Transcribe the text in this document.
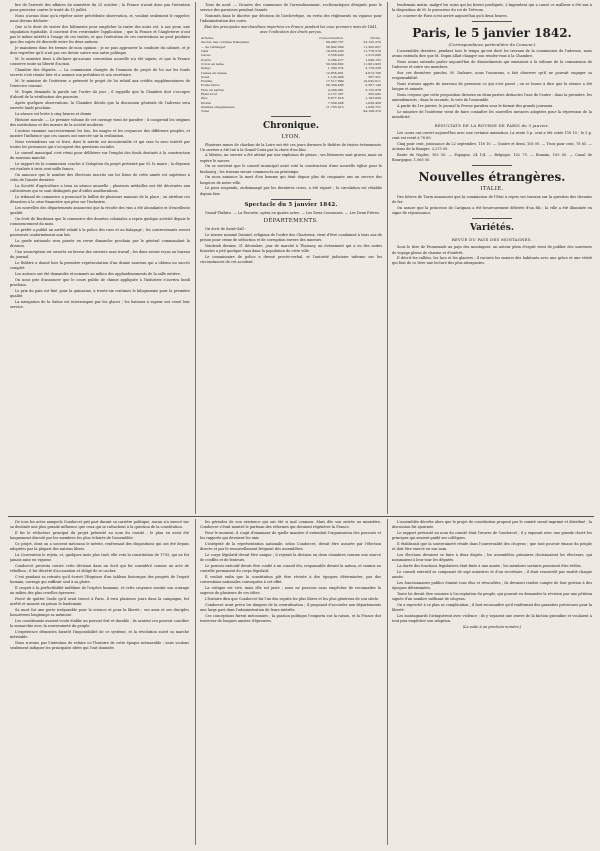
bre de l'arrivée des affaires du ministère du 25 octobre ; la France n'avait donc pas l'intention pour protester contre le traité du 15 juillet.

Nous n'avons donc qu'à répéter notre précédente observation, et, voulant seulement le rappeler, nous devons déclarer :

Que si le droit de visiter des bâtiments pour empêcher la traite des noirs est, à nos yeux, une stipulation équitable, il convient d'en restreindre l'application ; que la France et l'Angleterre n'ont pas le même intérêt à l'usage de ces traités, et que l'exécution de ces conventions ne peut produire que des sujets de discorde entre les deux nations.

Je maintiens donc les termes de mon opinion ; je ne puis approuver la conduite du cabinet, et je dois regretter qu'il n'ait pas cru devoir suivre une autre politique.

M. le ministre tient à déclarer qu'aucune convention nouvelle n'a été signée, et que la France conserve toute sa liberté d'action.

Chambre des députés. — La commission chargée de l'examen du projet de loi sur les fonds secrets s'est réunie hier et a nommé son président et son secrétaire.

M. le ministre de l'intérieur a présenté le projet de loi relatif aux crédits supplémentaires de l'exercice courant.

M. Dupin demande la parole sur l'ordre du jour ; il rappelle que la Chambre doit s'occuper d'abord de la vérification des pouvoirs.

Après quelques observations, la Chambre décide que la discussion générale de l'adresse sera ouverte lundi prochain.

La séance est levée à cinq heures et demie.

Histoire morale. — Le premier volume de cet ouvrage vient de paraître ; il comprend les origines des institutions et des mœurs de la société moderne.

L'auteur examine successivement les lois, les usages et les croyances des différents peuples, et montre l'influence que ces causes ont exercée sur la civilisation.

Nous reviendrons sur ce livre, dont le mérite est incontestable et qui sera lu avec intérêt par toutes les personnes qui s'occupent des questions sociales.

Le conseil municipal s'est réuni pour délibérer sur l'emploi des fonds destinés à la construction du nouveau marché.

Le rapport de la commission conclut à l'adoption du projet présenté par M. le maire ; la dépense est évaluée à trois cent mille francs.

On annonce que le nombre des électeurs inscrits sur les listes de cette année est supérieur à celui de l'année dernière.

La Société d'agriculture a tenu sa séance annuelle ; plusieurs médailles ont été décernées aux cultivateurs qui se sont distingués par d'utiles améliorations.

Le tribunal de commerce a prononcé la faillite de plusieurs maisons de la place ; on attribue ces désastres à la crise financière qui pèse sur l'industrie.

Les nouvelles des départements annoncent que la récolte des vins a été abondante et d'excellente qualité.

On écrit de Bordeaux que le commerce des denrées coloniales a repris quelque activité depuis le commencement du mois.

Le préfet a publié un arrêté relatif à la police des rues et au balayage ; les contrevenants seront poursuivis conformément aux lois.

La garde nationale sera passée en revue dimanche prochain par le général commandant la division.

Une souscription est ouverte en faveur des ouvriers sans travail ; les dons seront reçus au bureau du journal.

Le théâtre a donné hier la première représentation d'un drame nouveau qui a obtenu un succès complet.

Les auteurs ont été demandés et nommés au milieu des applaudissements de la salle entière.

On nous prie d'annoncer que le cours public de chimie appliquée à l'industrie s'ouvrira lundi prochain.

Le prix du pain est fixé, pour la quinzaine, à trente-six centimes le kilogramme pour la première qualité.

La navigation de la Saône est interrompue par les glaces ; les bateaux à vapeur ont cessé leur service.

Trois du nord. — Vicaires des communes de l'arrondissement, ecclésiastiques désignés pour le service des paroisses pendant l'année.

Nommés dans le diocèse par décision de l'archevêque, en vertu des règlements en vigueur pour l'administration des cures.

État des principales marchandises importées en France pendant les onze premiers mois de 1841, avec l'indication des droits perçus.

Articles.	Consommation.	Droits.
Sucres des colonies françaises	69,082,737	23,135,270
— de l'étranger	26,992,069	11,305,007
Café	18,056,436	11,778,579
Cacao	3,558,420	1,215,006
Poivre	2,266,477	1,046,155
Coton en laine	59,509,802	11,901,933
Indigo	1,360,374	2,179,238
Laines en masse	12,856,901	4,613,706
Soies	1,145,809	567,321
Houille	17,517,899	10,045,011
Fonte brute	28,349,468	2,567,149
Fers en barres	4,509,981	3,155,978
Étain brut	2,157,367	562,045
Zinc	6,877,618	1,183,009
Plomb	7,509,008	1,058,458
Graines oléagineuses	11,763,013	1,026,751
Total		94,108,316
Chronique.
LYON.

Plusieurs mines de charbon de la Loire ont été ces jours derniers le théâtre de tristes événements. Un ouvrier a été tué à la Grand-Croix par la chute d'un bloc.

A Mézieu, un ouvrier a été atteint par une explosion de grisou ; ses blessures sont graves, mais on espère le sauver.

On se souvient que le conseil municipal avait voté la construction d'une nouvelle église pour le faubourg ; les travaux seront commencés au printemps.

On nous annonce la mort d'un homme qui était depuis plus de cinquante ans au service des hospices de notre ville.

Le pont suspendu, endommagé par les dernières crues, a été réparé ; la circulation est rétablie depuis hier.

Spectacle du 5 janvier 1842.

Grand-Théâtre. — La Favorite, opéra en quatre actes. — Les Deux Couronnes. — Les Deux Frères.

DÉPARTEMENTS.

On écrit de Saint-Gall :

Le tourier nommé Durand, religieux de l'ordre des Chartreux, vient d'être condamné à trois ans de prison pour crime de séduction et de corruption envers des mineurs.

Vendredi dernier, 31 décembre, jour de marché à Thoissey, un événement qui a eu des suites funestes a jeté quelque émoi dans la population de cette ville.

Le commissaire de police a dressé procès-verbal, et l'autorité judiciaire informe sur les circonstances de cet accident.

lendemain matin, malgré les soins qui lui furent prodigués. L'imprudent qui a causé ce malheur a été mis à la disposition de M. le procureur du roi de Trévoux.

Le courrier de Paris n'est arrivé aujourd'hui qu'à deux heures.

Paris, le 5 janvier 1842.
(Correspondance particulière du Censeur.)

L'assemblée dernière, pendant tout le temps qu'ont duré les travaux de la commission de l'adresse, nous avons entendu dire que M. Dupin allait changer son rendez-vous à la Chambre.

Nous avons entendu parler aujourd'hui de dissentiments qui existaient à la tribune de la commission de l'adresse et entre ses membres.

Sur ces dernières paroles, M. Dufaure, nous l'assurons, a fait observer qu'il ne pouvait engager sa responsabilité.

Nous n'avons appris de nouveau de personne ce qui s'est passé ; on se borne à dire que la séance a été longue et animée.

Nous croyons que cette proposition divisera en deux parties distinctes l'une de l'autre : dans la première, les amendements ; dans la seconde, le vote de l'ensemble.

A partir du 1er janvier, le journal la Presse paraîtra sous le format des grands journaux.

Le ministre de l'intérieur vient de faire connaître les nouvelles mesures adoptées pour la répression de la mendicité.

RÉSULTATS DE LA BOURSE DE PARIS du 3 janvier.

Les cours ont ouvert aujourd'hui avec une certaine animation. La rente 5 p. cent a été cotée 116 10 ; le 3 p. cent est resté à 78 65.

Cinq pour cent, jouissance du 22 septembre, 116 10. — Quatre et demi, 105 00. — Trois pour cent, 78 65. — Actions de la Banque, 3,275 00.

Rente de Naples, 103 50. — Espagne, 24 1/4. — Belgique, 102 75. — Romain, 103 00. — Canal de Bourgogne, 1,065 00.

Nouvelles étrangères.
ITALIE.

Des lettres de Turin annoncent que la commission de l'Etat a repris ses travaux sur la question des chemins de fer.

On assure que la princesse de Carignan a été heureusement délivrée d'un fils ; la ville a été illuminée en signe de réjouissance.

Variétés.
REVUE DU PAYS DES MONTAGNES.

Sous le titre de Promenade au pays des montagnes, un auteur plein d'esprit vient de publier des souvenirs de voyage pleins de charme et d'intérêt.

Il décrit les vallées, les lacs et les glaciers ; il raconte les mœurs des habitants avec une grâce et une vérité qui font de ce livre une lecture des plus attrayantes.

De tous les actes auxquels Condorcet prit part durant sa carrière politique, aucun n'a exercé sur sa destinée une plus grande influence que ceux qui se rattachent à la question de la constitution.

Il fut le rédacteur principal du projet présenté au nom du comité ; le plan en avait été longuement discuté par les membres les plus éclairés de l'assemblée.

Ce projet, dont on a souvent méconnu le mérite, renfermait des dispositions qui ont été depuis adoptées par la plupart des nations libres.

La Convention le rejeta, et, quelques mois plus tard, elle vota la constitution de 1793, qui ne fut jamais mise en vigueur.

Condorcet protesta contre cette décision dans un écrit qui fut considéré comme un acte de rébellion ; il fut décrété d'accusation et obligé de se cacher.

C'est pendant sa retraite qu'il écrivit l'Esquisse d'un tableau historique des progrès de l'esprit humain, ouvrage qui suffirait seul à sa gloire.

Il croyait à la perfectibilité indéfinie de l'espèce humaine, et cette croyance soutint son courage au milieu des plus cruelles épreuves.

Forcé de quitter l'asile qu'il avait trouvé à Paris, il erra plusieurs jours dans la campagne, fut arrêté et mourut en prison le lendemain.

Sa mort fut une perte irréparable pour la science et pour la liberté ; ses amis et ses disciples honorèrent longtemps sa mémoire.

Les constituants avaient voulu établir un pouvoir fort et durable ; ils avaient cru pouvoir concilier la monarchie avec la souveraineté du peuple.

L'expérience démontra bientôt l'impossibilité de ce système, et la révolution suivit sa marche inévitable.

Nous n'avons pas l'intention de refaire ici l'histoire de cette époque mémorable ; nous voulons seulement indiquer les principales idées qui l'ont dominée.

les périodes de son existence qui ont été si mal connues. Mais dès son entrée au ministère, Condorcet s'était montré le partisan des réformes qui devaient régénérer la France.

Pour le moment, il s'agit d'examiner de quelle manière il entendait l'organisation des pouvoirs et les rapports qui devaient les unir.

L'intégrité de la représentation nationale, selon Condorcet, devait être assurée par l'élection directe et par le renouvellement fréquent des assemblées.

Le corps législatif devait être unique ; il rejetait la division en deux chambres comme une source de conflits et de lenteurs.

Le pouvoir exécutif devait être confié à un conseil élu, responsable devant la nation, et soumis au contrôle permanent du corps législatif.

Il voulait enfin que la constitution pût être révisée à des époques déterminées, par des conventions nationales convoquées à cet effet.

La critique est vive, mais elle est juste ; nous ne pouvons nous empêcher de reconnaître la sagesse de plusieurs de ces idées.

L'histoire dira que Condorcet fut l'un des esprits les plus libres et les plus généreux de son siècle.

Condorcet avait prévu les dangers de la centralisation ; il proposait d'accorder aux départements une large part dans l'administration de leurs intérêts.

Ces conceptions furent méconnues ; la passion politique l'emporta sur la raison, et la France dut traverser de longues années d'épreuves.

L'assemblée décréta alors que le projet de constitution proposé par le comité serait imprimé et distribué ; la discussion fut ajournée.

Le rapport présenté au nom du comité était l'œuvre de Condorcet ; il y exposait avec une grande clarté les principes qui avaient guidé ses collègues.

Il établissait que la souveraineté réside dans l'universalité des citoyens ; que tout pouvoir émane du peuple et doit être exercé en son nom.

Les élections devaient se faire à deux degrés ; les assemblées primaires choisissaient les électeurs, qui nommaient à leur tour les députés.

La durée des fonctions législatives était fixée à une année ; les membres sortants pouvaient être réélus.

Le conseil exécutif se composait de sept ministres et d'un secrétaire ; il était renouvelé par moitié chaque année.

Les fonctionnaires publics étaient tous élus et révocables ; ils devaient rendre compte de leur gestion à des époques déterminées.

Toute loi devait être soumise à l'acceptation du peuple, qui pouvait en demander la révision par une pétition signée d'un nombre suffisant de citoyens.

On a reproché à ce plan sa complication ; il faut reconnaître qu'il renfermait des garanties précieuses pour la liberté.

Les montagnards l'attaquèrent avec violence ; ils y voyaient une œuvre de la faction girondine et voulaient à tout prix empêcher son adoption.

(La suite à un prochain numéro.)
